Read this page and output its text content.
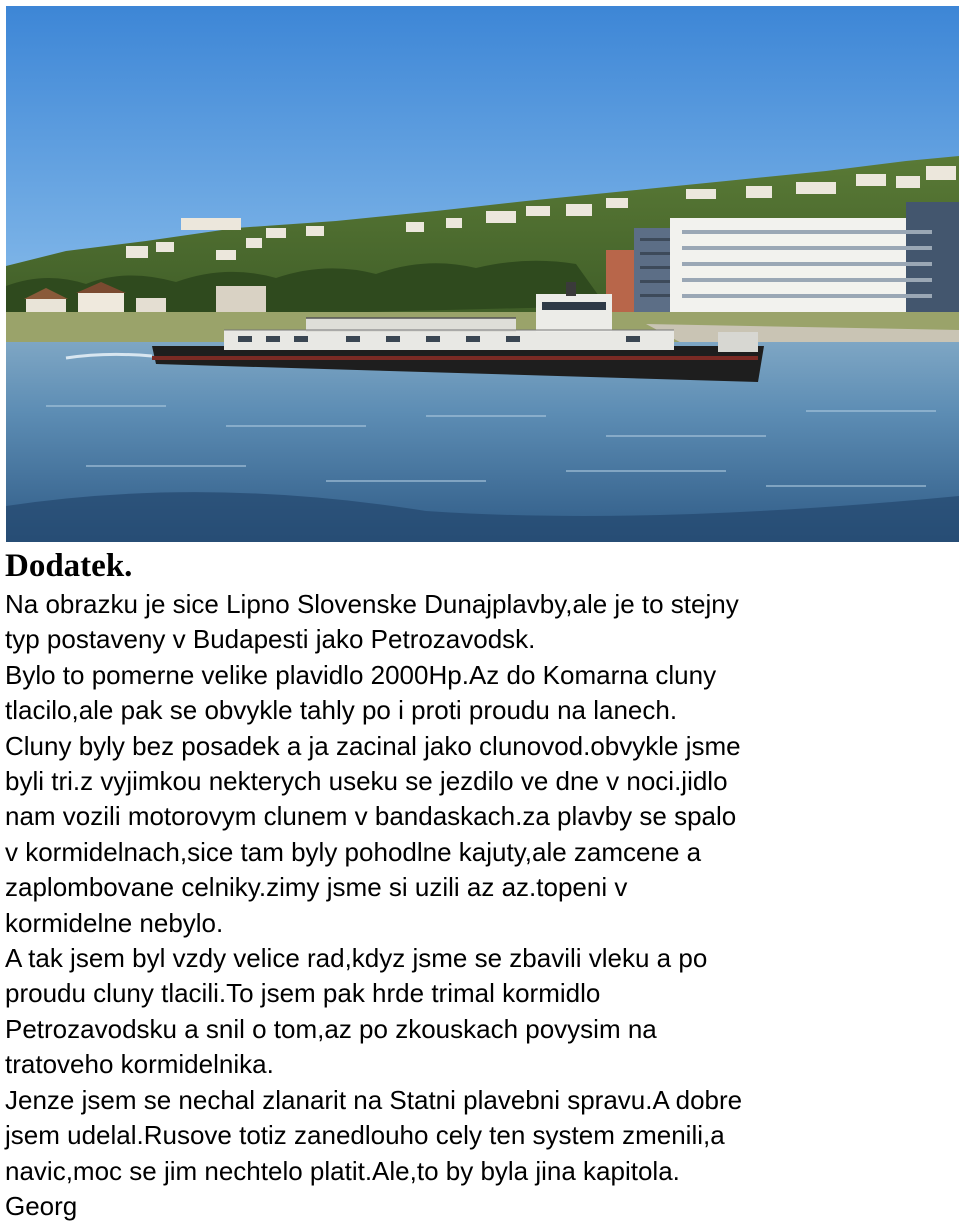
Dodatek.

Na obrazku je sice Lipno Slovenske Dunajplavby,ale je to stejny

typ postaveny v Budapesti jako Petrozavodsk.

Bylo to pomerne velike plavidlo 2000Hp.Az do Komarna cluny

tlacilo,ale pak se obvykle tahly po i proti proudu na lanech.

Cluny byly bez posadek a ja zacinal jako clunovod.obvykle jsme

byli tri.z vyjimkou nekterych useku se jezdilo ve dne v noci.jidlo

nam vozili motorovym clunem v bandaskach.za plavby se spalo

v kormidelnach,sice tam byly pohodlne kajuty,ale zamcene a

zaplombovane celniky.zimy jsme si uzili az az.topeni v

kormidelne nebylo.

A tak jsem byl vzdy velice rad,kdyz jsme se zbavili vleku a po

proudu cluny tlacili.To jsem pak hrde trimal kormidlo

Petrozavodsku a snil o tom,az po zkouskach povysim na

tratoveho kormidelnika.

Jenze jsem se nechal zlanarit na Statni plavebni spravu.A dobre

jsem udelal.Rusove totiz zanedlouho cely ten system zmenili,a

navic,moc se jim nechtelo platit.Ale,to by byla jina kapitola.

Georg
